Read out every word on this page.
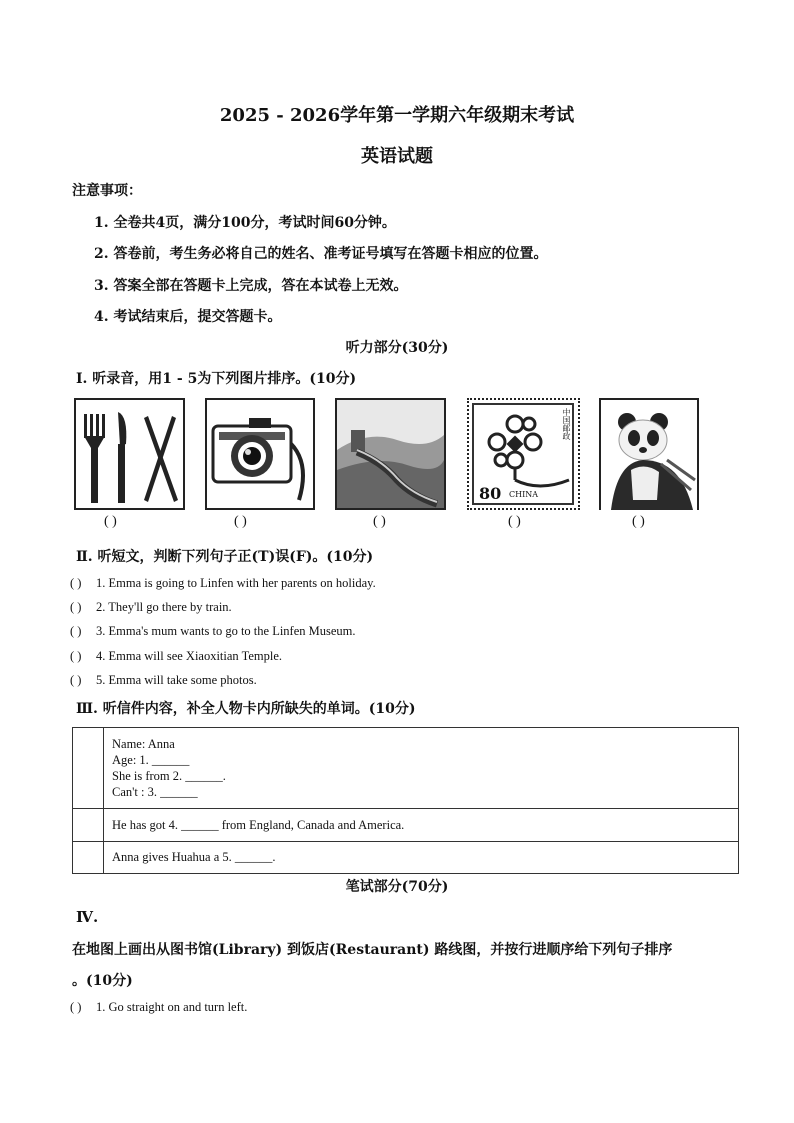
2025 - 2026学年第一学期六年级期末考试
英语试题
注意事项：
1. 全卷共4页，满分100分，考试时间60分钟。
2. 答卷前，考生务必将自己的姓名、准考证号填写在答题卡相应的位置。
3. 答案全部在答题卡上完成，答在本试卷上无效。
4. 考试结束后，提交答题卡。
听力部分(30分)
Ⅰ. 听录音，用1 - 5为下列图片排序。(10分)
中国邮政
80 CHINA
( )	( )	( )	( )	( )
Ⅱ. 听短文，判断下列句子正(T)误(F)。(10分)
( ) 1. Emma is going to Linfen with her parents on holiday.
( ) 2. They'll go there by train.
( ) 3. Emma's mum wants to go to the Linfen Museum.
( ) 4. Emma will see Xiaoxitian Temple.
( ) 5. Emma will take some photos.
Ⅲ. 听信件内容，补全人物卡内所缺失的单词。(10分)

	Name: Anna
Age: 1. ______
She is from 2. ______.
Can't : 3. ______

	He has got 4. ______ from England, Canada and America.
	Anna gives Huahua a 5. ______.
笔试部分(70分)
Ⅳ.
在地图上画出从图书馆(Library) 到饭店(Restaurant) 路线图，并按行进顺序给下列句子排序
。(10分)
( ) 1. Go straight on and turn left.
